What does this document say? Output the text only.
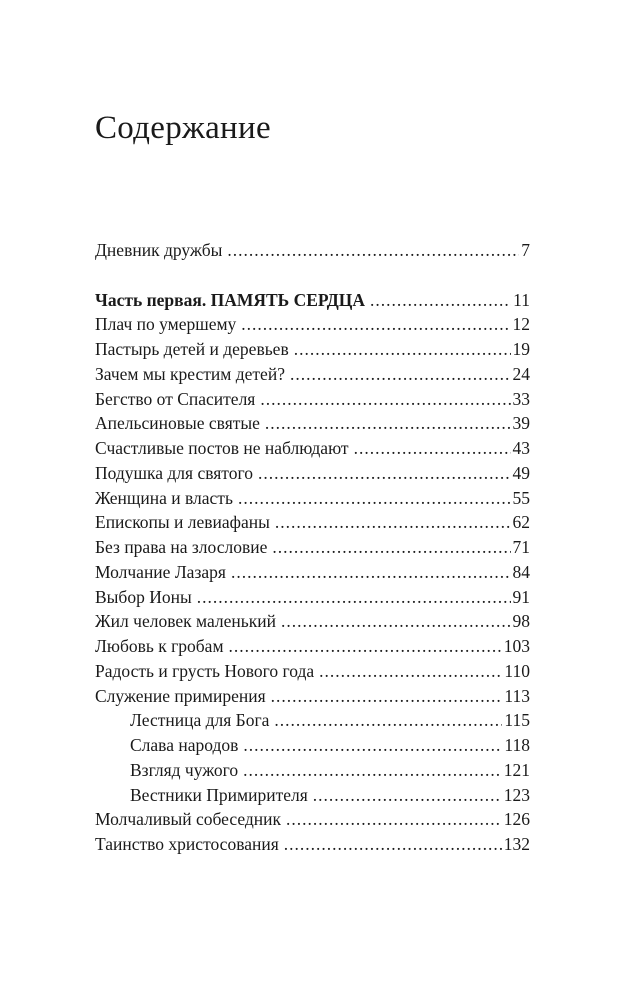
Содержание
Дневник дружбы .....	7
Часть первая. ПАМЯТЬ СЕРДЦА .....	11
Плач по умершему .....	12
Пастырь детей и деревьев .....	19
Зачем мы крестим детей? .....	24
Бегство от Спасителя .....	33
Апельсиновые святые .....	39
Счастливые постов не наблюдают .....	43
Подушка для святого .....	49
Женщина и власть .....	55
Епископы и левиафаны .....	62
Без права на злословие .....	71
Молчание Лазаря .....	84
Выбор Ионы .....	91
Жил человек маленький .....	98
Любовь к гробам .....	103
Радость и грусть Нового года .....	110
Служение примирения .....	113
Лестница для Бога .....	115
Слава народов .....	118
Взгляд чужого .....	121
Вестники Примирителя .....	123
Молчаливый собеседник .....	126
Таинство христосования .....	132
